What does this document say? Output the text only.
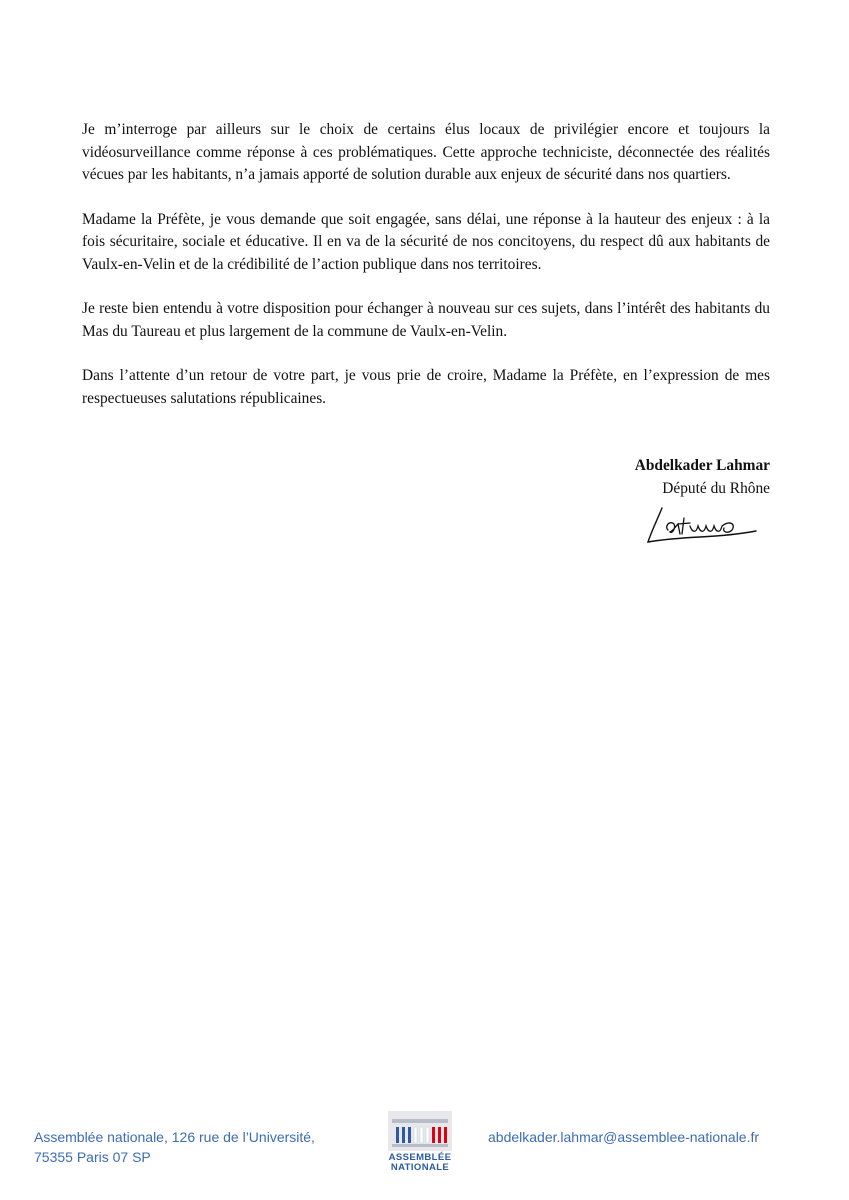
Je m’interroge par ailleurs sur le choix de certains élus locaux de privilégier encore et toujours la vidéosurveillance comme réponse à ces problématiques. Cette approche techniciste, déconnectée des réalités vécues par les habitants, n’a jamais apporté de solution durable aux enjeux de sécurité dans nos quartiers.

Madame la Préfète, je vous demande que soit engagée, sans délai, une réponse à la hauteur des enjeux : à la fois sécuritaire, sociale et éducative. Il en va de la sécurité de nos concitoyens, du respect dû aux habitants de Vaulx-en-Velin et de la crédibilité de l’action publique dans nos territoires.

Je reste bien entendu à votre disposition pour échanger à nouveau sur ces sujets, dans l’intérêt des habitants du Mas du Taureau et plus largement de la commune de Vaulx-en-Velin.

Dans l’attente d’un retour de votre part, je vous prie de croire, Madame la Préfète, en l’expression de mes respectueuses salutations républicaines.

Abdelkader Lahmar
Député du Rhône
Assemblée nationale, 126 rue de l’Université,
75355 Paris 07 SP	ASSEMBLÉE
NATIONALE
abdelkader.lahmar@assemblee-nationale.fr
